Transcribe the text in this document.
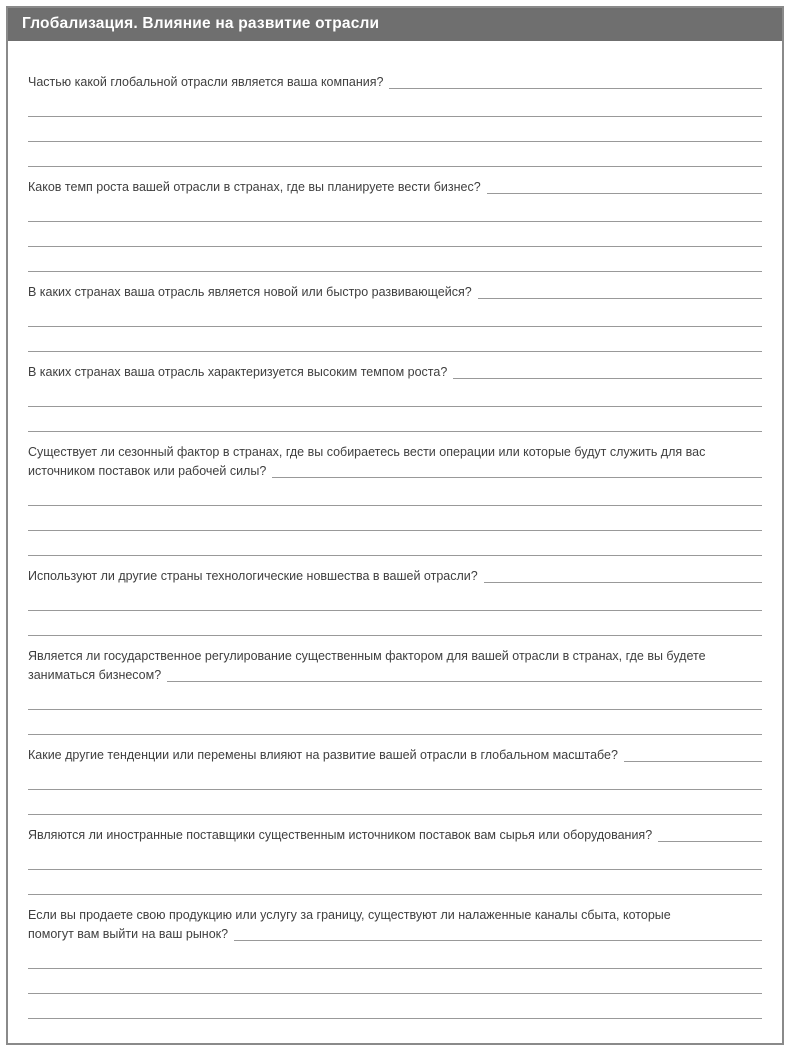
Глобализация. Влияние на развитие отрасли
Частью какой глобальной отрасли является ваша компания?
Каков темп роста вашей отрасли в странах, где вы планируете вести бизнес?
В каких странах ваша отрасль является новой или быстро развивающейся?
В каких странах ваша отрасль характеризуется высоким темпом роста?
Существует ли сезонный фактор в странах, где вы собираетесь вести операции или которые будут служить для вас
источником поставок или рабочей силы?
Используют ли другие страны технологические новшества в вашей отрасли?
Является ли государственное регулирование существенным фактором для вашей отрасли в странах, где вы будете
заниматься бизнесом?
Какие другие тенденции или перемены влияют на развитие вашей отрасли в глобальном масштабе?
Являются ли иностранные поставщики существенным источником поставок вам сырья или оборудования?
Если вы продаете свою продукцию или услугу за границу, существуют ли налаженные каналы сбыта, которые
помогут вам выйти на ваш рынок?
